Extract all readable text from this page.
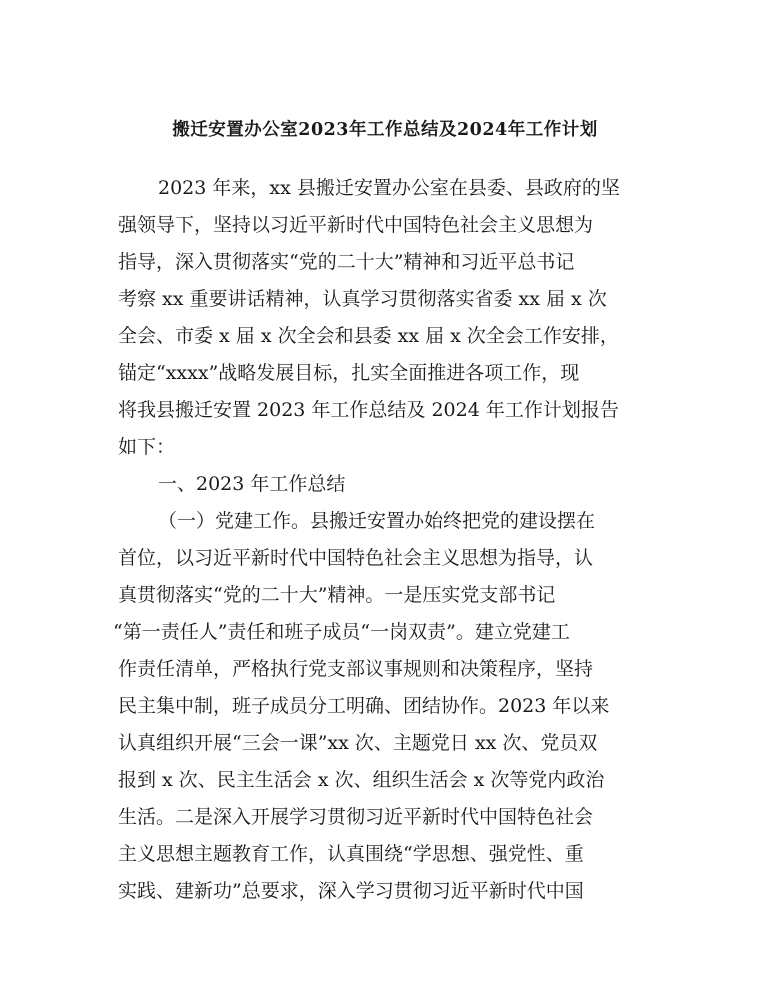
搬迁安置办公室2023年工作总结及2024年工作计划
2023 年来，xx 县搬迁安置办公室在县委、县政府的坚
强领导下，坚持以习近平新时代中国特色社会主义思想为
指导，深入贯彻落实“党的二十大”精神和习近平总书记
考察 xx 重要讲话精神，认真学习贯彻落实省委 xx 届 x 次
全会、市委 x 届 x 次全会和县委 xx 届 x 次全会工作安排，
锚定“xxxx”战略发展目标，扎实全面推进各项工作，现
将我县搬迁安置 2023 年工作总结及 2024 年工作计划报告
如下：
一、2023 年工作总结
（一）党建工作。县搬迁安置办始终把党的建设摆在
首位，以习近平新时代中国特色社会主义思想为指导，认
真贯彻落实“党的二十大”精神。一是压实党支部书记
“第一责任人”责任和班子成员“一岗双责”。建立党建工
作责任清单，严格执行党支部议事规则和决策程序，坚持
民主集中制，班子成员分工明确、团结协作。2023 年以来
认真组织开展“三会一课”xx 次、主题党日 xx 次、党员双
报到 x 次、民主生活会 x 次、组织生活会 x 次等党内政治
生活。二是深入开展学习贯彻习近平新时代中国特色社会
主义思想主题教育工作，认真围绕“学思想、强党性、重
实践、建新功”总要求，深入学习贯彻习近平新时代中国
